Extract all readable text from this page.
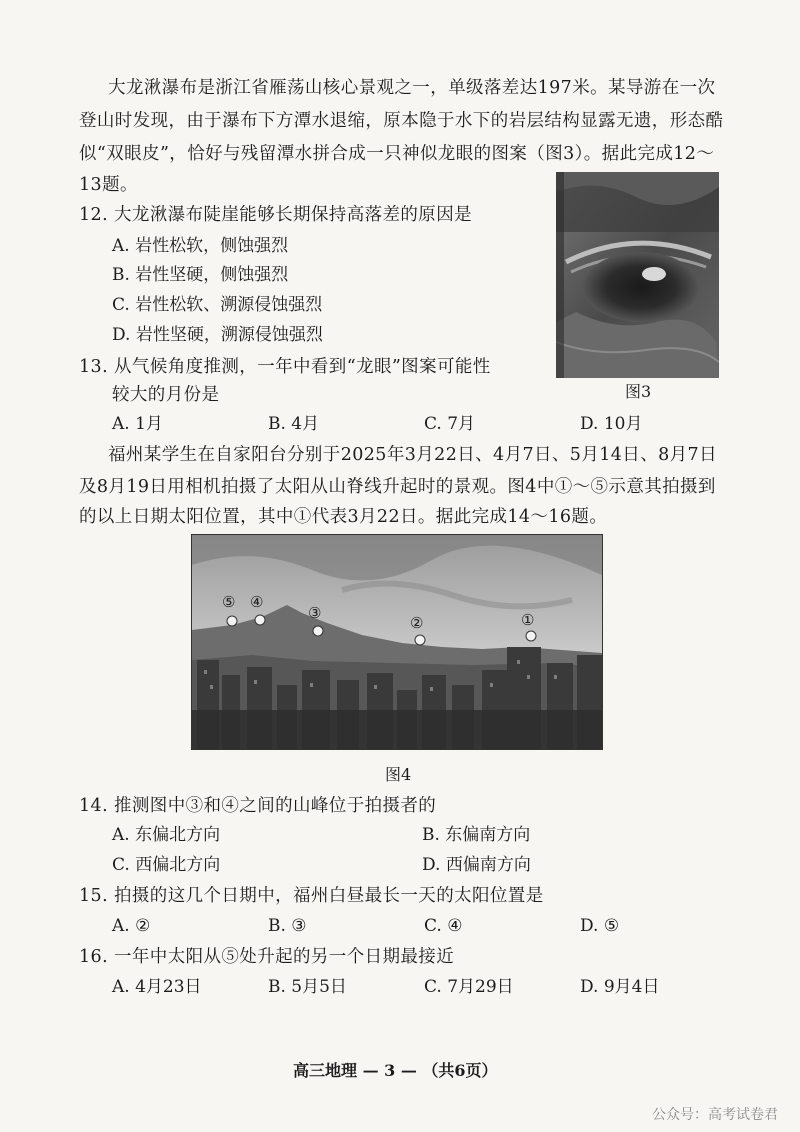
大龙湫瀑布是浙江省雁荡山核心景观之一，单级落差达197米。某导游在一次
登山时发现，由于瀑布下方潭水退缩，原本隐于水下的岩层结构显露无遗，形态酷
似“双眼皮”，恰好与残留潭水拼合成一只神似龙眼的图案（图3）。据此完成12～
13题。
图3
12. 大龙湫瀑布陡崖能够长期保持高落差的原因是
A. 岩性松软，侧蚀强烈
B. 岩性坚硬，侧蚀强烈
C. 岩性松软、溯源侵蚀强烈
D. 岩性坚硬，溯源侵蚀强烈
13. 从气候角度推测，一年中看到“龙眼”图案可能性
较大的月份是
A. 1月	B. 4月	C. 7月	D. 10月
福州某学生在自家阳台分别于2025年3月22日、4月7日、5月14日、8月7日
及8月19日用相机拍摄了太阳从山脊线升起时的景观。图4中①～⑤示意其拍摄到
的以上日期太阳位置，其中①代表3月22日。据此完成14～16题。
⑤ ④
③
②	①
图4
14. 推测图中③和④之间的山峰位于拍摄者的
A. 东偏北方向	B. 东偏南方向
C. 西偏北方向	D. 西偏南方向
15. 拍摄的这几个日期中，福州白昼最长一天的太阳位置是
A. ②	B. ③	C. ④	D. ⑤
16. 一年中太阳从⑤处升起的另一个日期最接近
A. 4月23日	B. 5月5日	C. 7月29日	D. 9月4日
高三地理 — 3 — （共6页）
公众号：高考试卷君
